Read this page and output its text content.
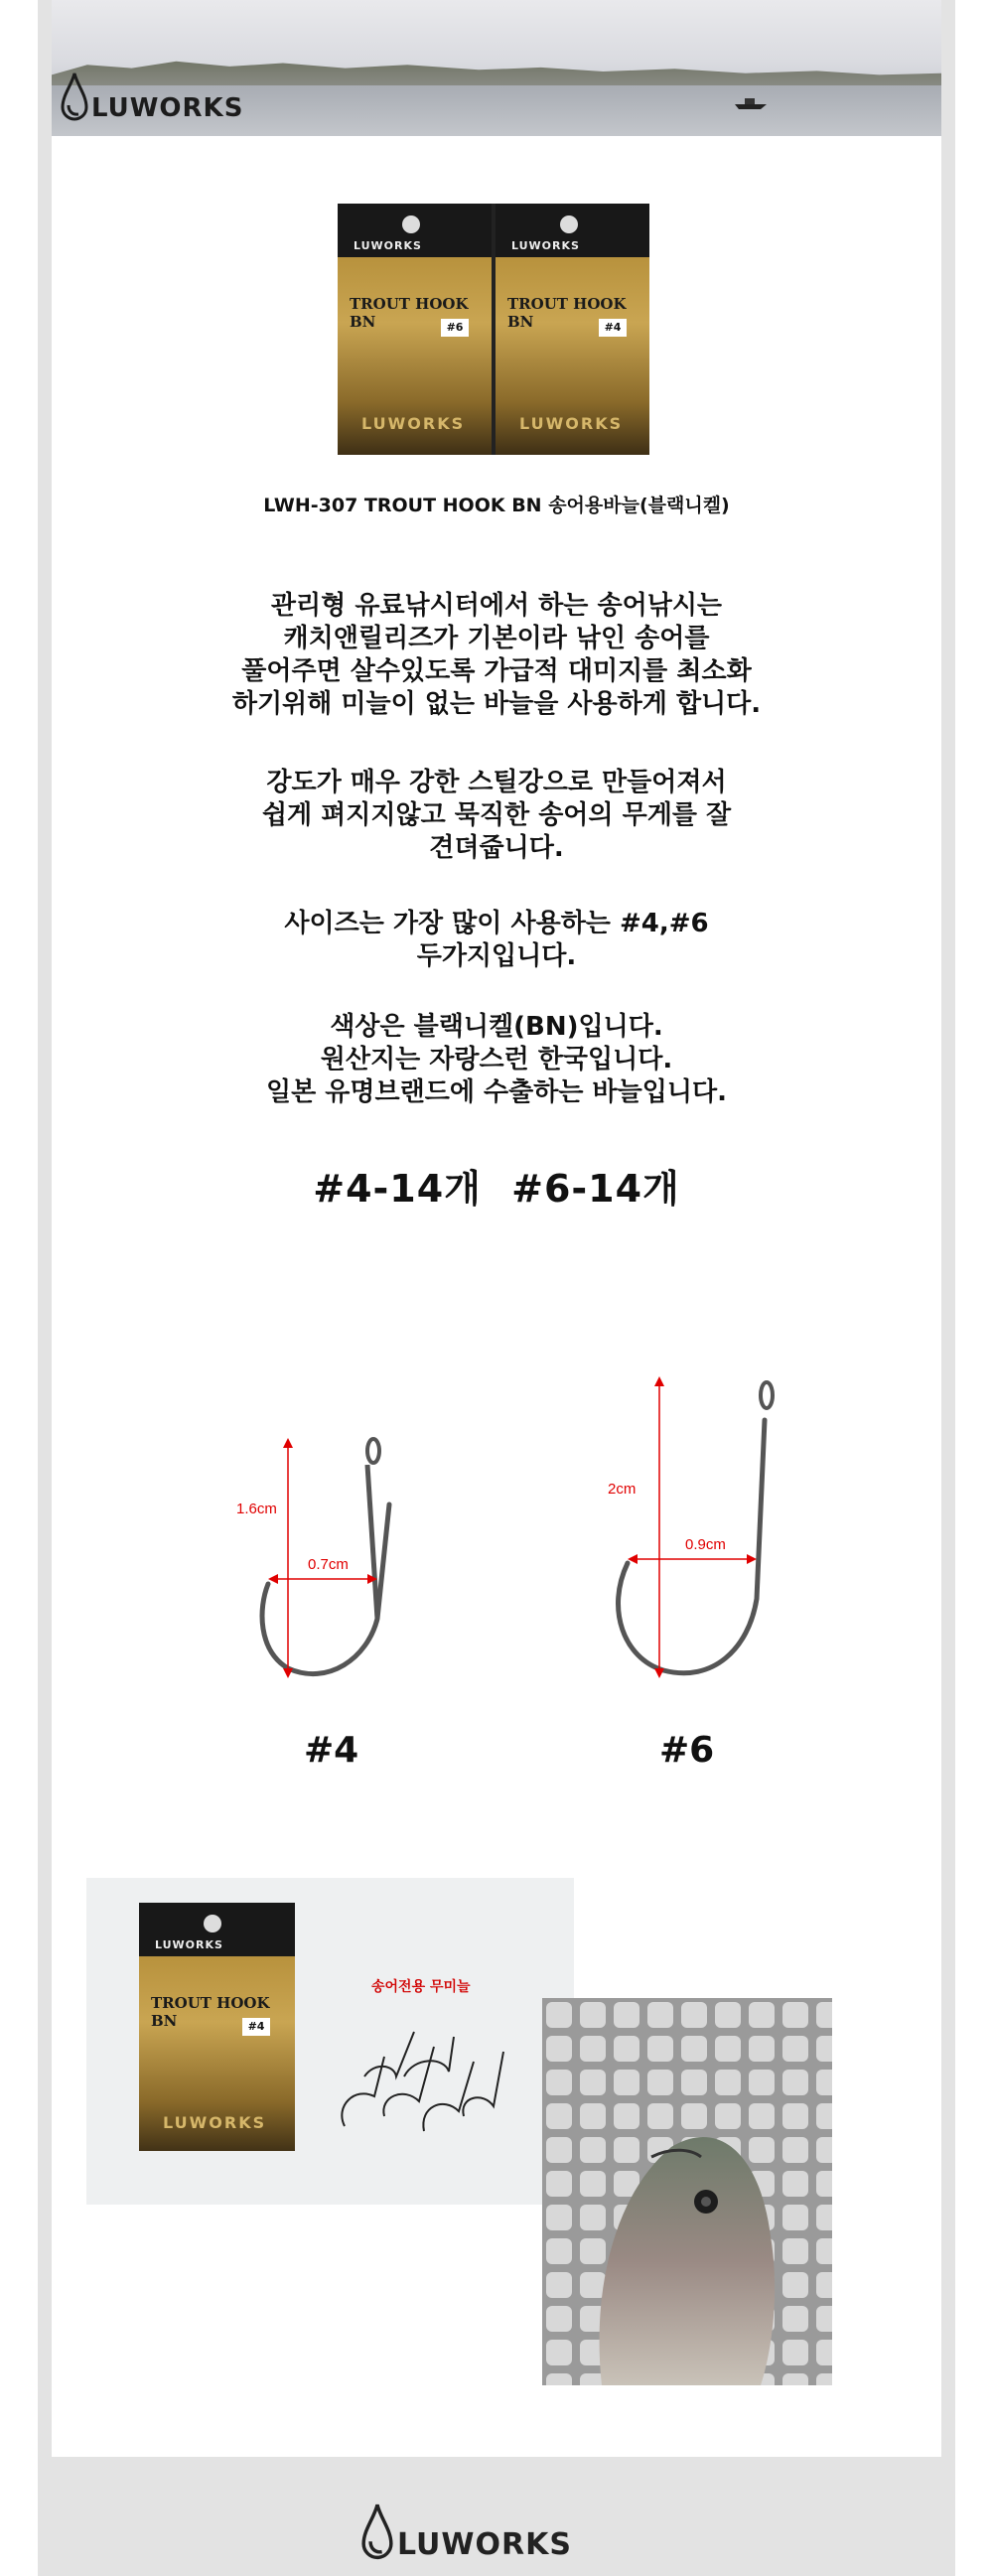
LUWORKS
LUWORKS
TROUT HOOK BN	#6
LUWORKS
LUWORKS
TROUT HOOK BN	#4
LUWORKS
LWH-307 TROUT HOOK BN 송어용바늘(블랙니켈)
관리형 유료낚시터에서 하는 송어낚시는
캐치앤릴리즈가 기본이라 낚인 송어를
풀어주면 살수있도록 가급적 대미지를 최소화
하기위해 미늘이 없는 바늘을 사용하게 합니다.
강도가 매우 강한 스틸강으로 만들어져서
쉽게 펴지지않고 묵직한 송어의 무게를 잘
견뎌줍니다.
사이즈는 가장 많이 사용하는 #4,#6
두가지입니다.
색상은 블랙니켈(BN)입니다.
원산지는 자랑스런 한국입니다.
일본 유명브랜드에 수출하는 바늘입니다.
#4-14개 #6-14개
1.6cm
0.7cm
#4
2cm
0.9cm
#6
LUWORKS
TROUT HOOK BN	#4
LUWORKS
송어전용 무미늘
LUWORKS
